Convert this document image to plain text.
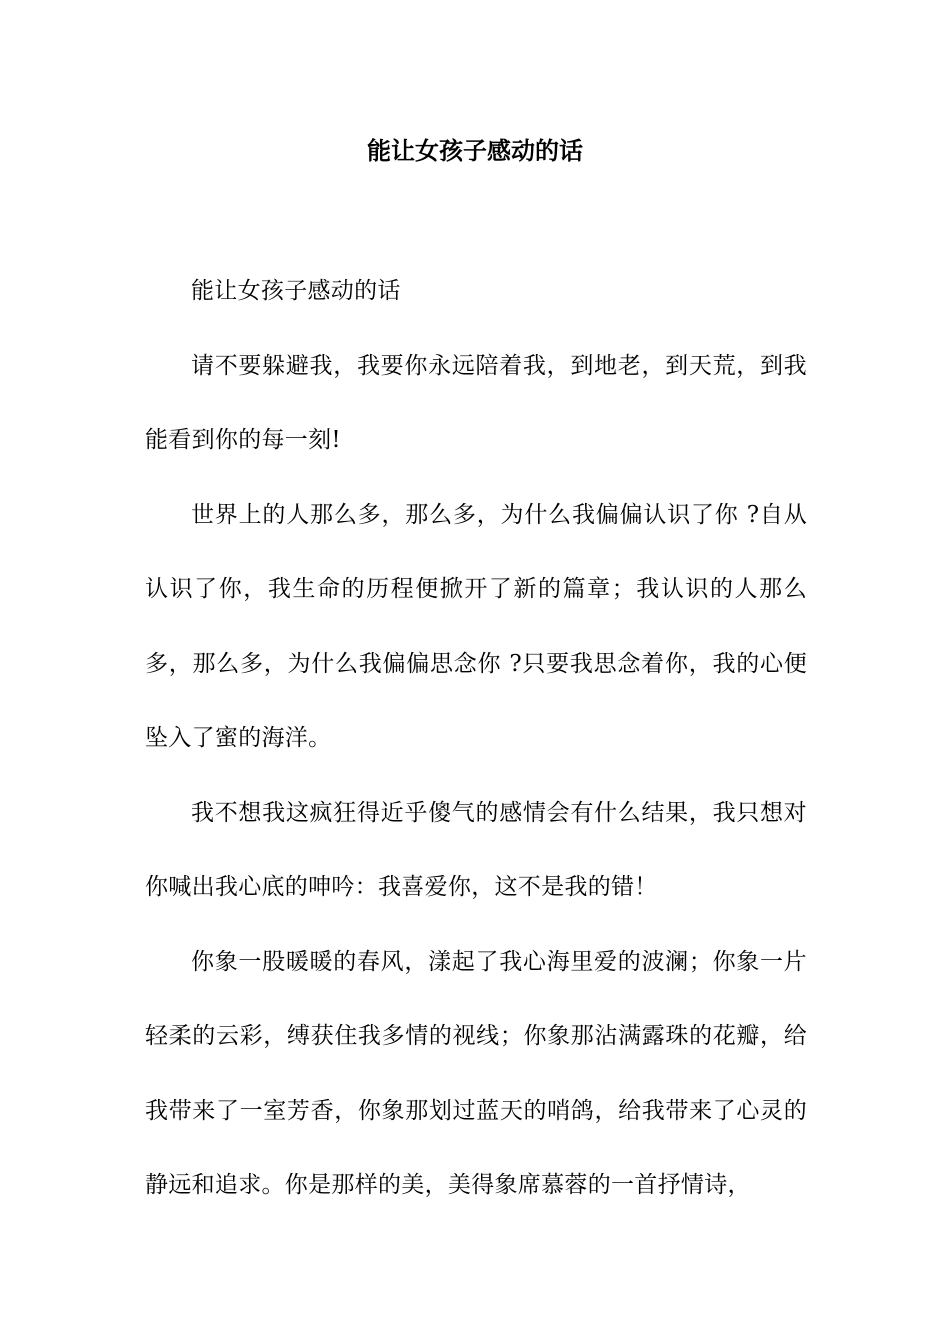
能让女孩子感动的话

能让女孩子感动的话

请不要躲避我，我要你永远陪着我，到地老，到天荒，到我能看到你的每一刻!

世界上的人那么多，那么多，为什么我偏偏认识了你 ?自从认识了你，我生命的历程便掀开了新的篇章；我认识的人那么多，那么多，为什么我偏偏思念你 ?只要我思念着你，我的心便坠入了蜜的海洋。

我不想我这疯狂得近乎傻气的感情会有什么结果，我只想对你喊出我心底的呻吟：我喜爱你，这不是我的错！

你象一股暖暖的春风，漾起了我心海里爱的波澜；你象一片轻柔的云彩，缚获住我多情的视线；你象那沾满露珠的花瓣，给我带来了一室芳香，你象那划过蓝天的哨鸽，给我带来了心灵的静远和追求。你是那样的美，美得象席慕蓉的一首抒情诗，
